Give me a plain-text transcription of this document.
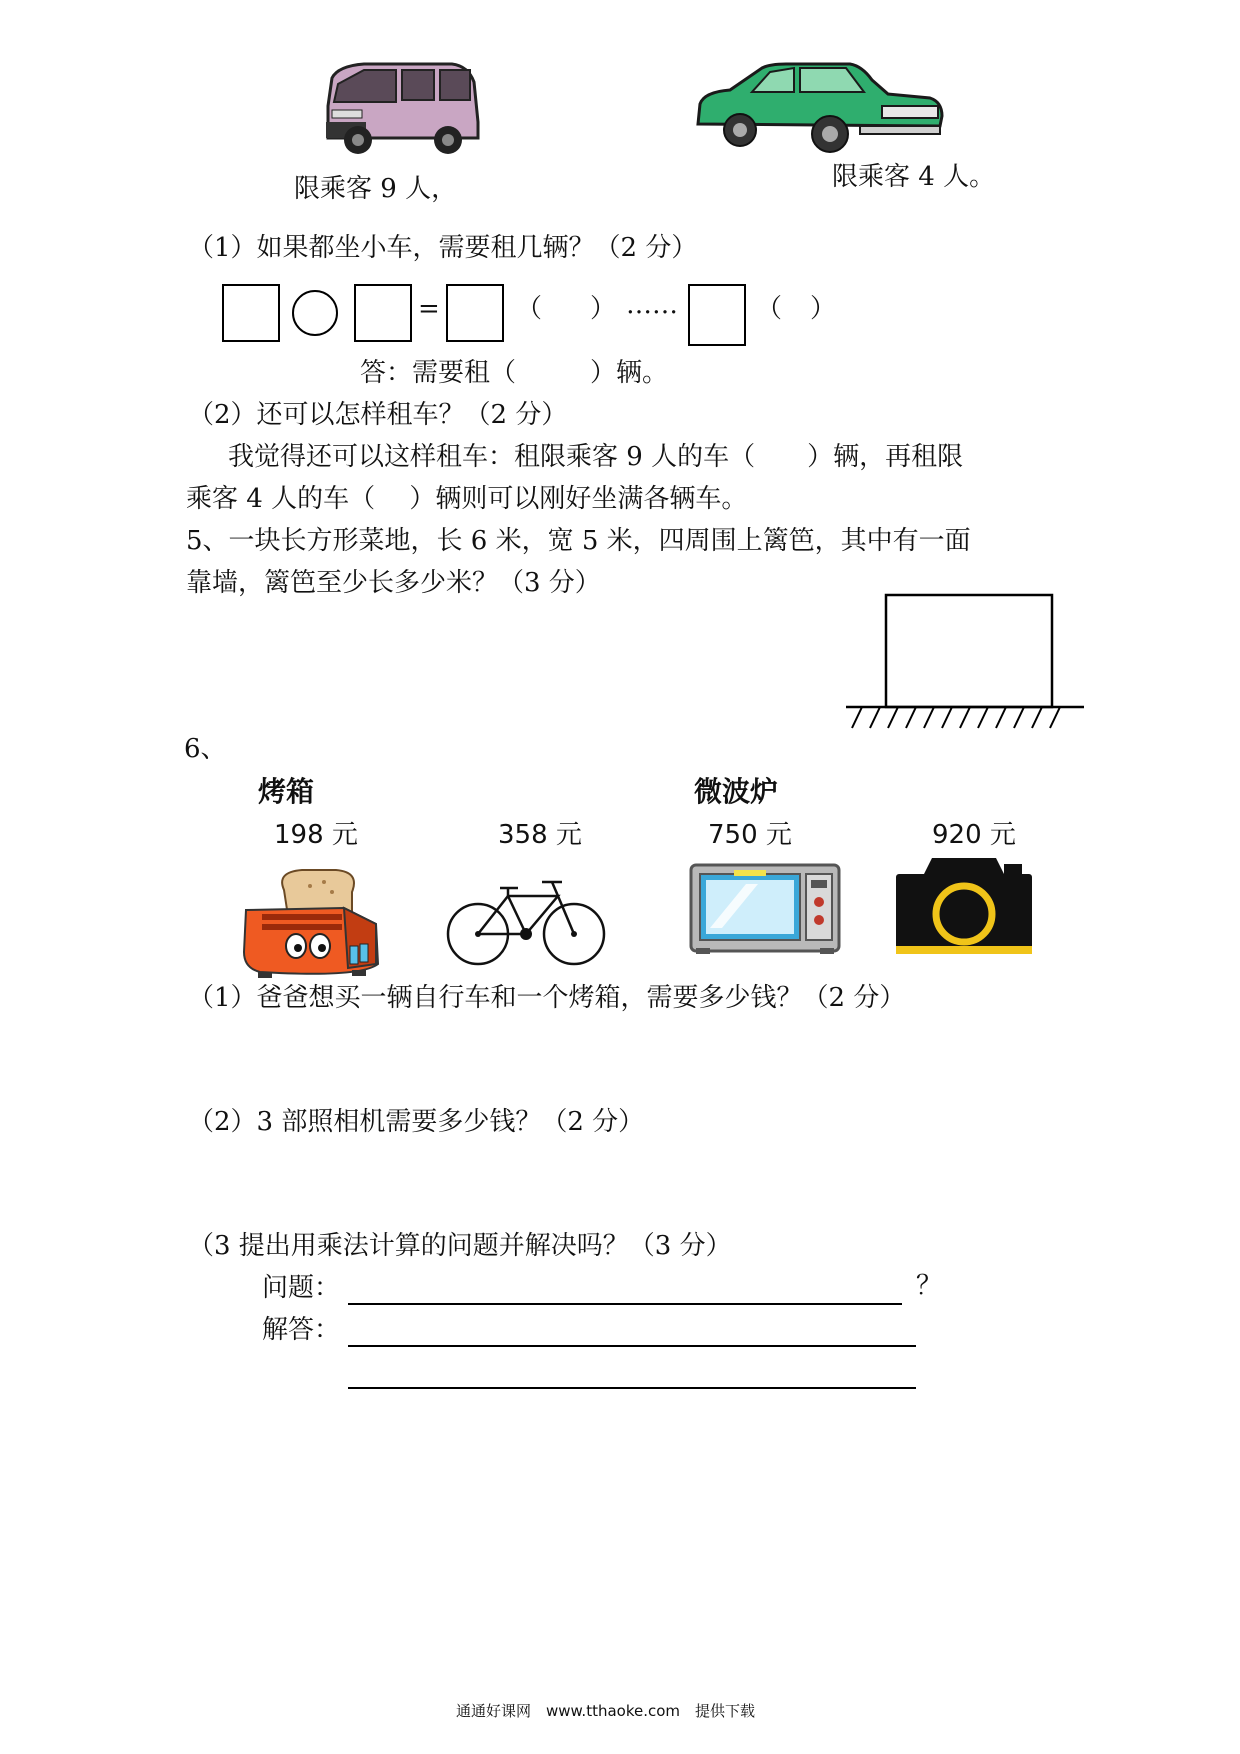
限乘客 9 人，	限乘客 4 人。
（1）如果都坐小车，需要租几辆？（2 分）
=	（ ） ……	（ ）
答：需要租（	）辆。
（2）还可以怎样租车？（2 分）
我觉得还可以这样租车：租限乘客 9 人的车（　　）辆，再租限
乘客 4 人的车（　 ）辆则可以刚好坐满各辆车。
5、一块长方形菜地，长 6 米，宽 5 米，四周围上篱笆，其中有一面
靠墙，篱笆至少长多少米？（3 分）
6、
烤箱	微波炉
198 元	358 元	750 元	920 元
（1）爸爸想买一辆自行车和一个烤箱，需要多少钱？（2 分）
（2）3 部照相机需要多少钱？（2 分）
（3 提出用乘法计算的问题并解决吗？（3 分）
问题：	？
解答：
通通好课网　www.tthaoke.com　提供下载
